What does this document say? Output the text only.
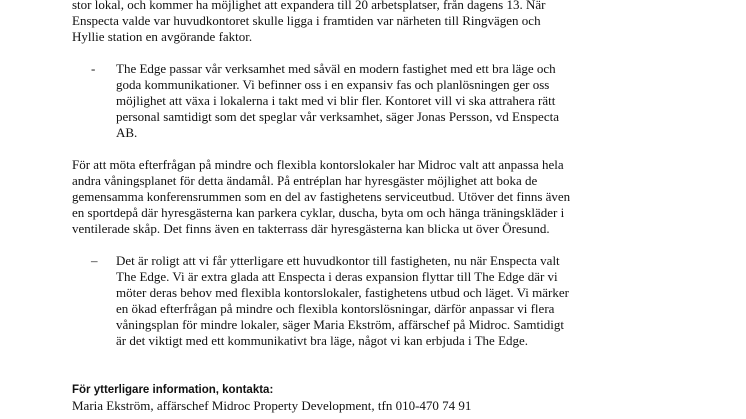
stor lokal, och kommer ha möjlighet att expandera till 20 arbetsplatser, från dagens 13. När
Enspecta valde var huvudkontoret skulle ligga i framtiden var närheten till Ringvägen och
Hyllie station en avgörande faktor.
- The Edge passar vår verksamhet med såväl en modern fastighet med ett bra läge och
goda kommunikationer. Vi befinner oss i en expansiv fas och planlösningen ger oss
möjlighet att växa i lokalerna i takt med vi blir fler. Kontoret vill vi ska attrahera rätt
personal samtidigt som det speglar vår verksamhet, säger Jonas Persson, vd Enspecta
AB.
För att möta efterfrågan på mindre och flexibla kontorslokaler har Midroc valt att anpassa hela
andra våningsplanet för detta ändamål. På entréplan har hyresgäster möjlighet att boka de
gemensamma konferensrummen som en del av fastighetens serviceutbud. Utöver det finns även
en sportdepå där hyresgästerna kan parkera cyklar, duscha, byta om och hänga träningskläder i
ventilerade skåp. Det finns även en takterrass där hyresgästerna kan blicka ut över Öresund.
– Det är roligt att vi får ytterligare ett huvudkontor till fastigheten, nu när Enspecta valt
The Edge. Vi är extra glada att Enspecta i deras expansion flyttar till The Edge där vi
möter deras behov med flexibla kontorslokaler, fastighetens utbud och läget. Vi märker
en ökad efterfrågan på mindre och flexibla kontorslösningar, därför anpassar vi flera
våningsplan för mindre lokaler, säger Maria Ekström, affärschef på Midroc. Samtidigt
är det viktigt med ett kommunikativt bra läge, något vi kan erbjuda i The Edge.

För ytterligare information, kontakta:

Maria Ekström, affärschef Midroc Property Development, tfn 010-470 74 91
